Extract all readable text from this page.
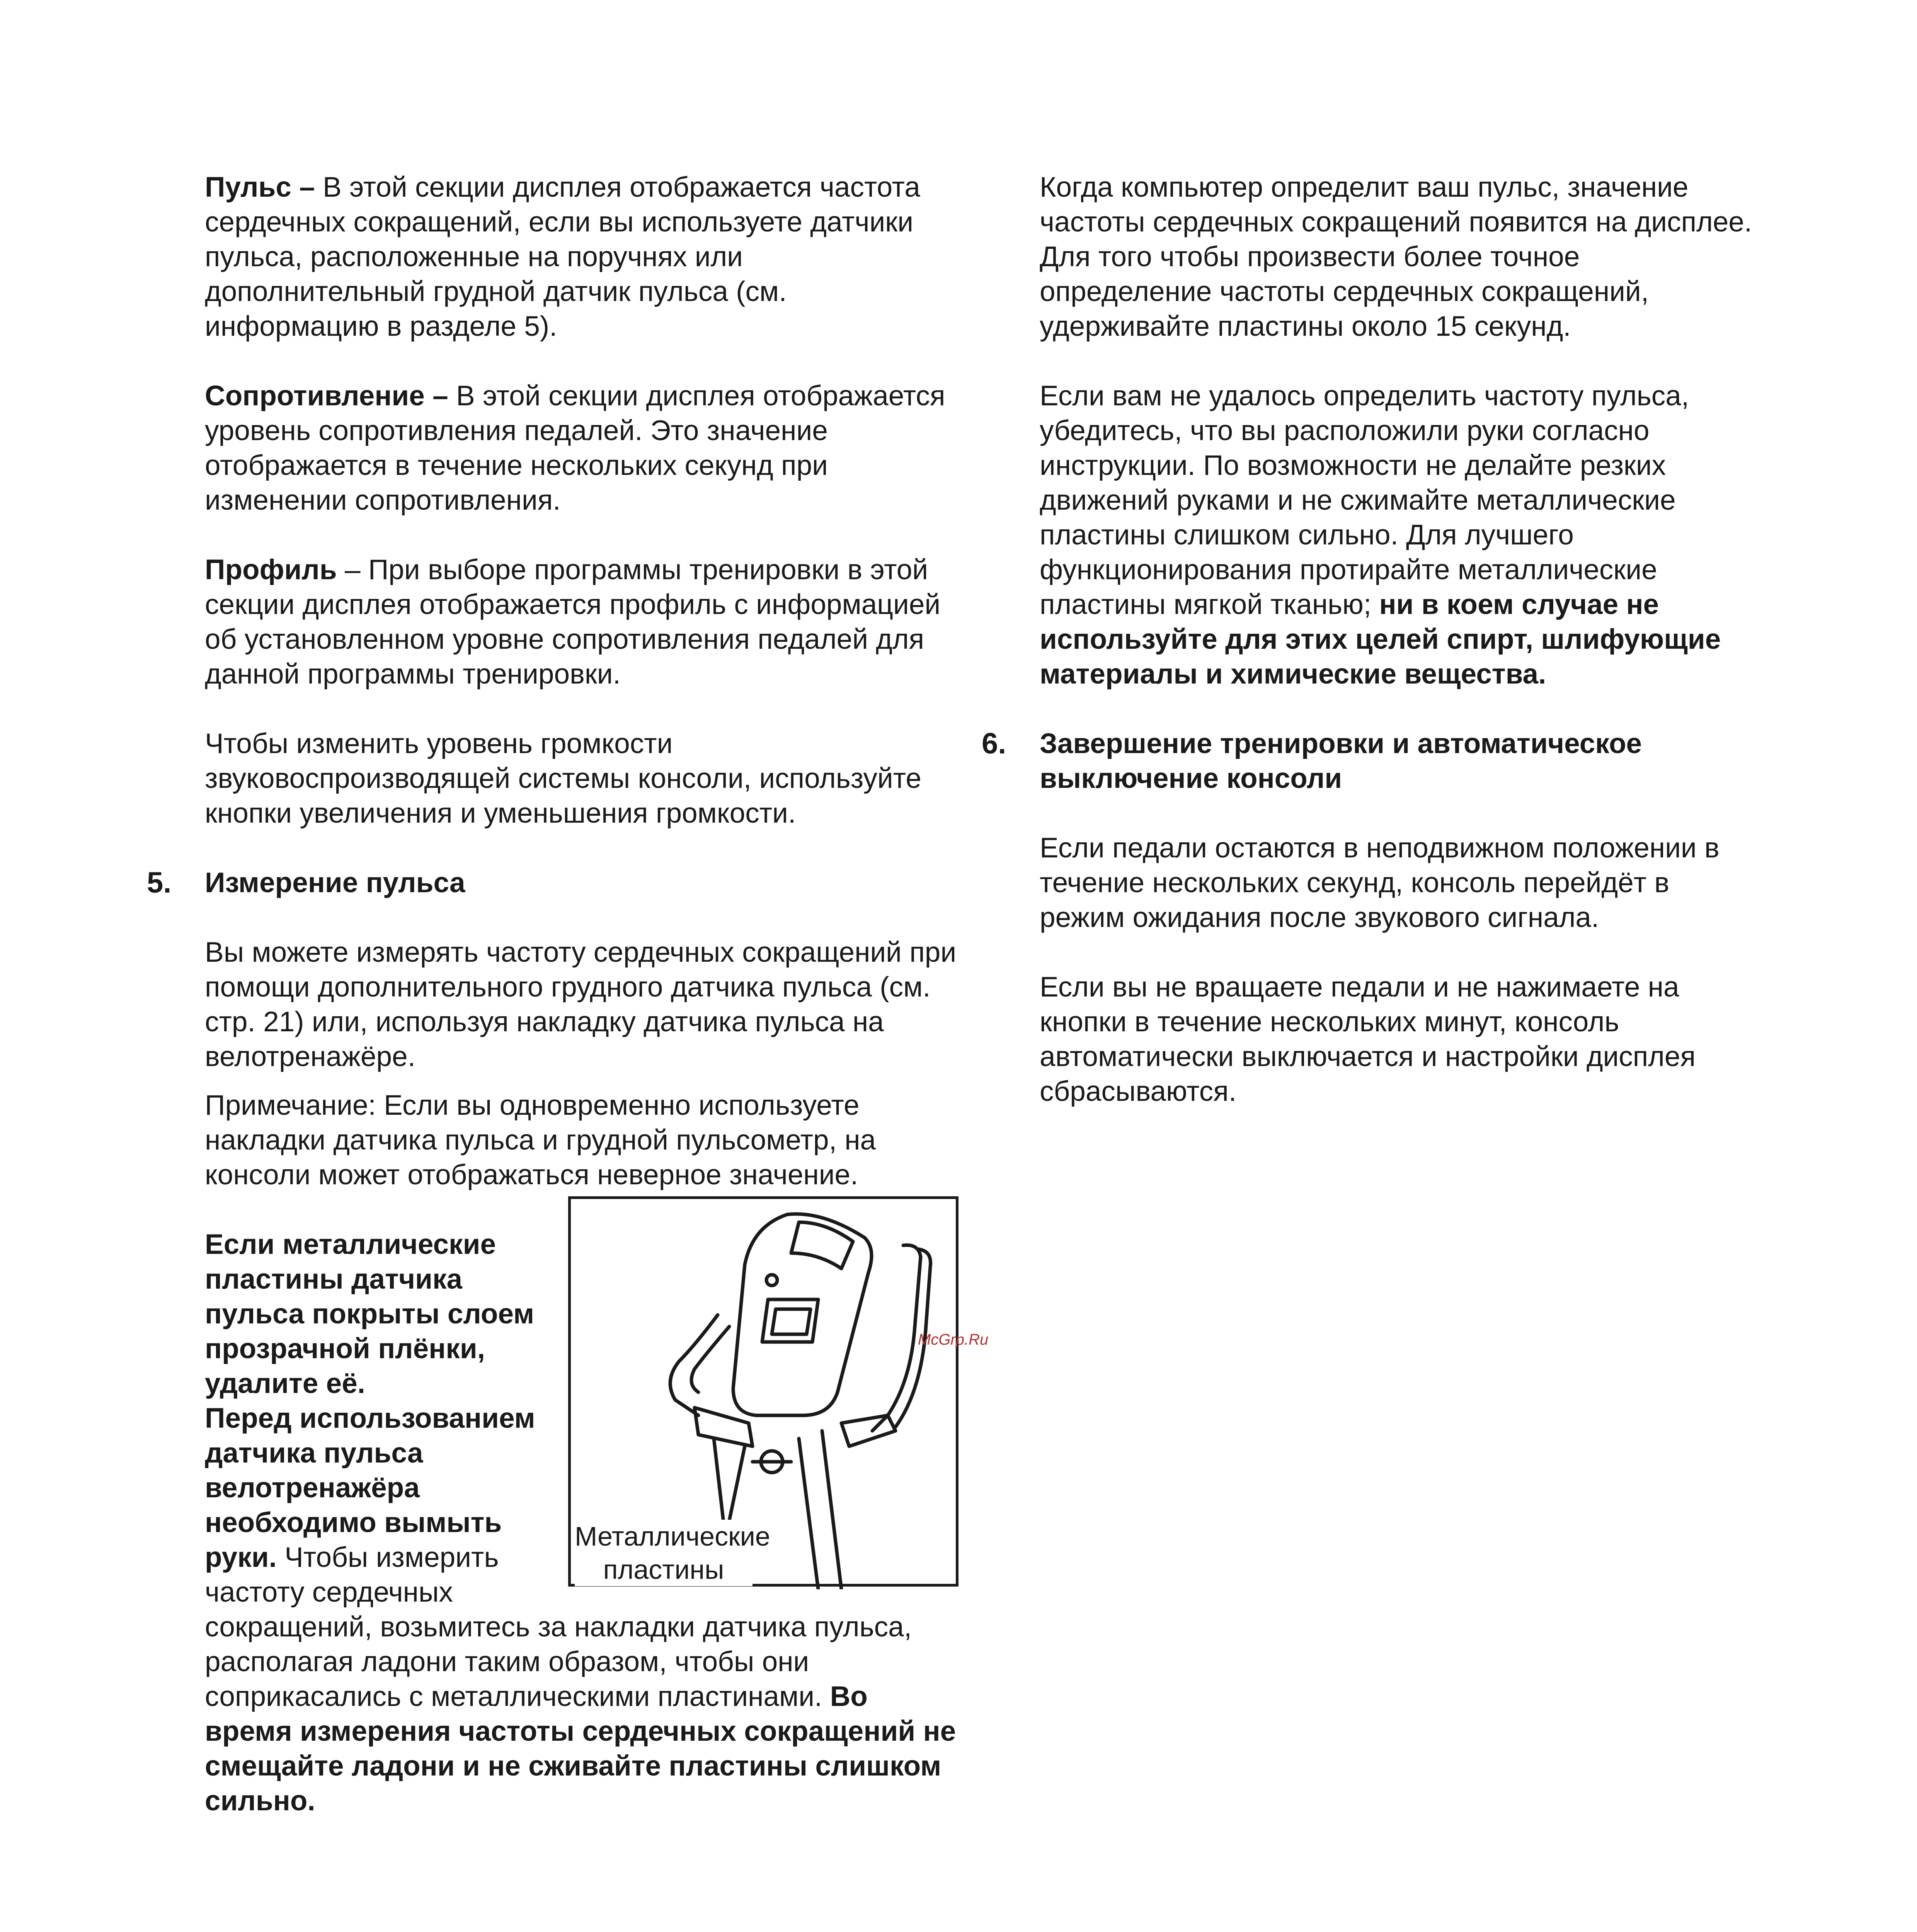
Пульс – В этой секции дисплея отображается частота сердечных сокращений, если вы используете датчики пульса, расположенные на поручнях или дополнительный грудной датчик пульса (см. информацию в разделе 5).

Сопротивление – В этой секции дисплея отображается уровень сопротивления педалей. Это значение отображается в течение нескольких секунд при изменении сопротивления.

Профиль – При выборе программы тренировки в этой секции дисплея отображается профиль с информацией об установленном уровне сопротивления педалей для данной программы тренировки.

Чтобы изменить уровень громкости звуковоспроизводящей системы консоли, используйте кнопки увеличения и уменьшения громкости.

5. Измерение пульса

Вы можете измерять частоту сердечных сокращений при помощи дополнительного грудного датчика пульса (см. стр. 21) или, используя накладку датчика пульса на велотренажёре.

Примечание: Если вы одновременно используете накладки датчика пульса и грудной пульсометр, на консоли может отображаться неверное значение.

Металлические пластины
Если металлические пластины датчика пульса покрыты слоем прозрачной плёнки, удалите её.
Перед использованием датчика пульса велотренажёра необходимо вымыть руки. Чтобы измерить частоту сердечных сокращений, возьмитесь за накладки датчика пульса, располагая ладони таким образом, чтобы они соприкасались с металлическими пластинами. Во время измерения частоты сердечных сокращений не смещайте ладони и не сживайте пластины слишком сильно.

Когда компьютер определит ваш пульс, значение частоты сердечных сокращений появится на дисплее. Для того чтобы произвести более точное определение частоты сердечных сокращений, удерживайте пластины около 15 секунд.

Если вам не удалось определить частоту пульса, убедитесь, что вы расположили руки согласно инструкции. По возможности не делайте резких движений руками и не сжимайте металлические пластины слишком сильно. Для лучшего функционирования протирайте металлические пластины мягкой тканью; ни в коем случае не используйте для этих целей спирт, шлифующие материалы и химические вещества.

6. Завершение тренировки и автоматическое выключение консоли

Если педали остаются в неподвижном положении в течение нескольких секунд, консоль перейдёт в режим ожидания после звукового сигнала.

Если вы не вращаете педали и не нажимаете на кнопки в течение нескольких минут, консоль автоматически выключается и настройки дисплея сбрасываются.

McGrp.Ru
